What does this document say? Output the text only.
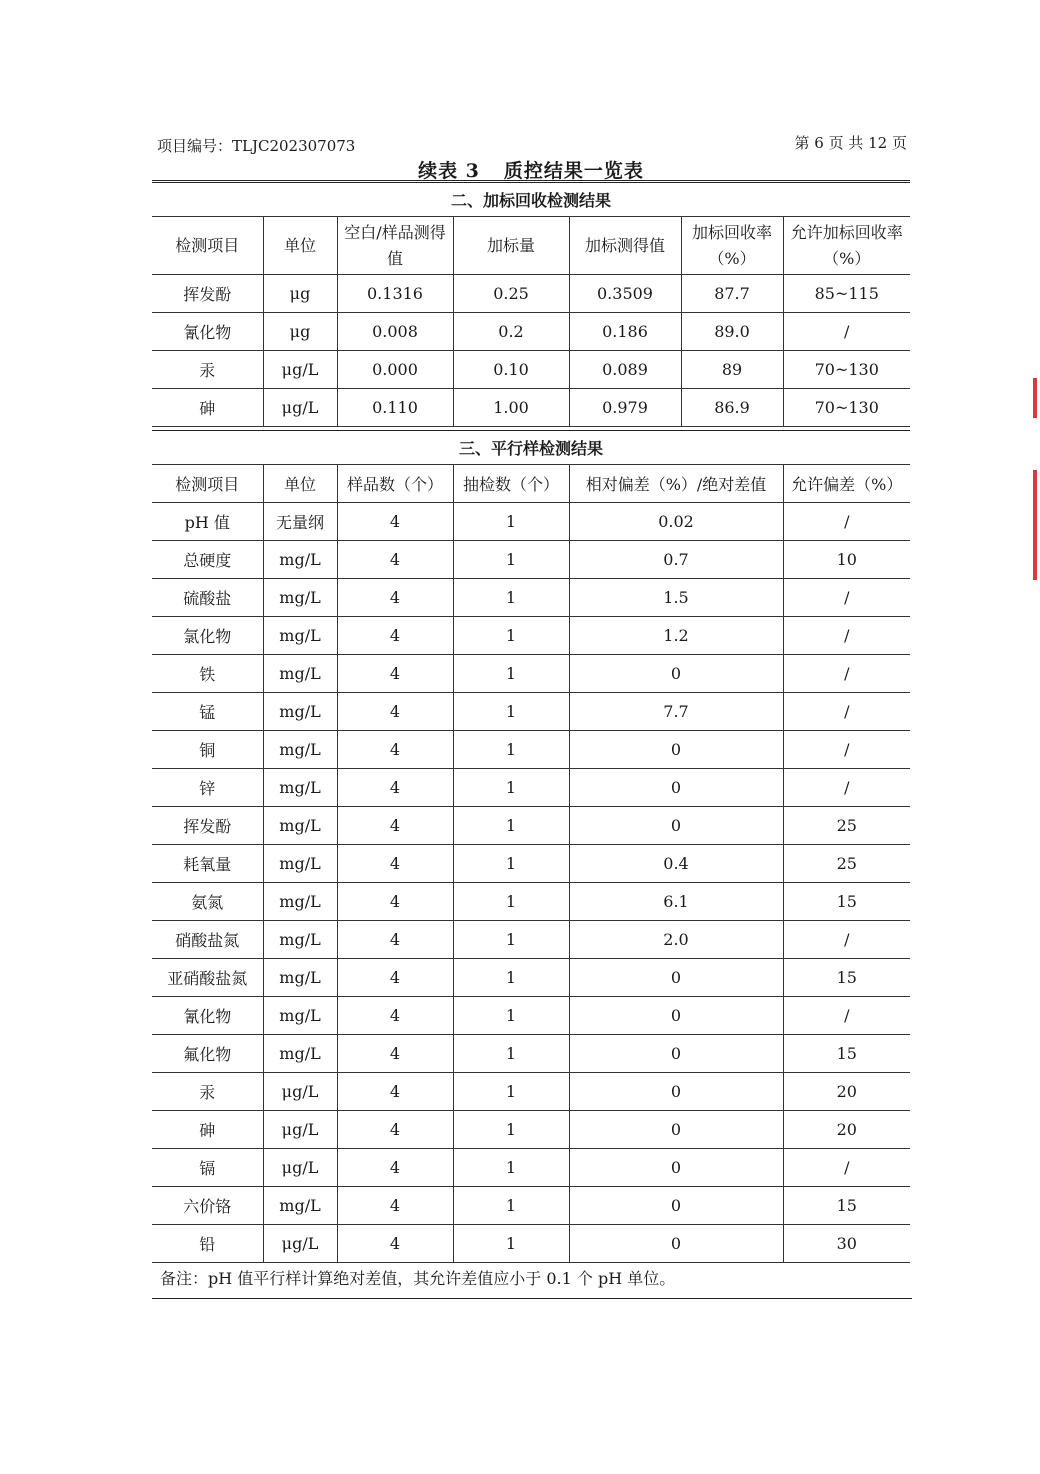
项目编号：TLJC202307073	第 6 页 共 12 页
续表 3 质控结果一览表
二、加标回收检测结果						
检测项目	单位	空白/样品测得值	加标量	加标测得值	加标回收率（%）	允许加标回收率（%）
挥发酚	μg	0.1316	0.25	0.3509	87.7	85~115
氰化物	μg	0.008	0.2	0.186	89.0	/
汞	μg/L	0.000	0.10	0.089	89	70~130
砷	μg/L	0.110	1.00	0.979	86.9	70~130
三、平行样检测结果					
检测项目	单位	样品数（个）	抽检数（个）	相对偏差（%）/绝对差值	允许偏差（%）
pH 值	无量纲	4	1	0.02	/
总硬度	mg/L	4	1	0.7	10
硫酸盐	mg/L	4	1	1.5	/
氯化物	mg/L	4	1	1.2	/
铁	mg/L	4	1	0	/
锰	mg/L	4	1	7.7	/
铜	mg/L	4	1	0	/
锌	mg/L	4	1	0	/
挥发酚	mg/L	4	1	0	25
耗氧量	mg/L	4	1	0.4	25
氨氮	mg/L	4	1	6.1	15
硝酸盐氮	mg/L	4	1	2.0	/
亚硝酸盐氮	mg/L	4	1	0	15
氰化物	mg/L	4	1	0	/
氟化物	mg/L	4	1	0	15
汞	μg/L	4	1	0	20
砷	μg/L	4	1	0	20
镉	μg/L	4	1	0	/
六价铬	mg/L	4	1	0	15
铅	μg/L	4	1	0	30
备注：pH 值平行样计算绝对差值，其允许差值应小于 0.1 个 pH 单位。
